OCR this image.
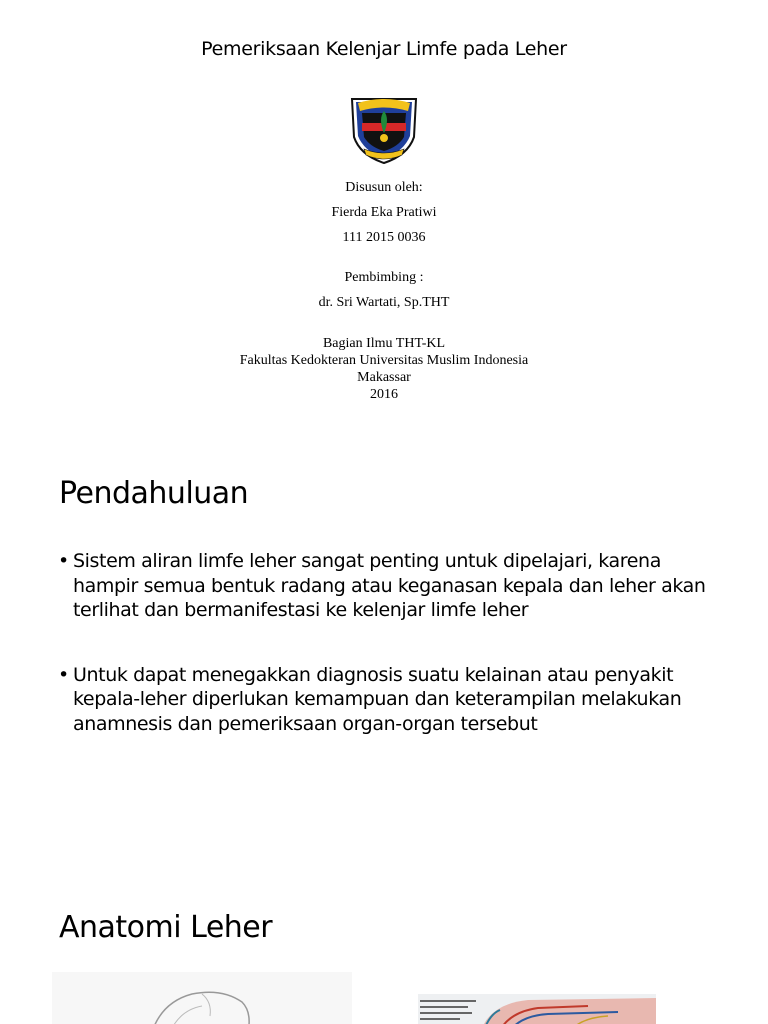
Pemeriksaan Kelenjar Limfe pada Leher
Disusun oleh:
Fierda Eka Pratiwi
111 2015 0036
Pembimbing :
dr. Sri Wartati, Sp.THT
Bagian Ilmu THT-KL
Fakultas Kedokteran Universitas Muslim Indonesia
Makassar
2016
Pendahuluan
• Sistem aliran limfe leher sangat penting untuk dipelajari, karena hampir semua bentuk radang atau keganasan kepala dan leher akan terlihat dan bermanifestasi ke kelenjar limfe leher
• Untuk dapat menegakkan diagnosis suatu kelainan atau penyakit kepala-leher diperlukan kemampuan dan keterampilan melakukan anamnesis dan pemeriksaan organ-organ tersebut
Anatomi Leher
